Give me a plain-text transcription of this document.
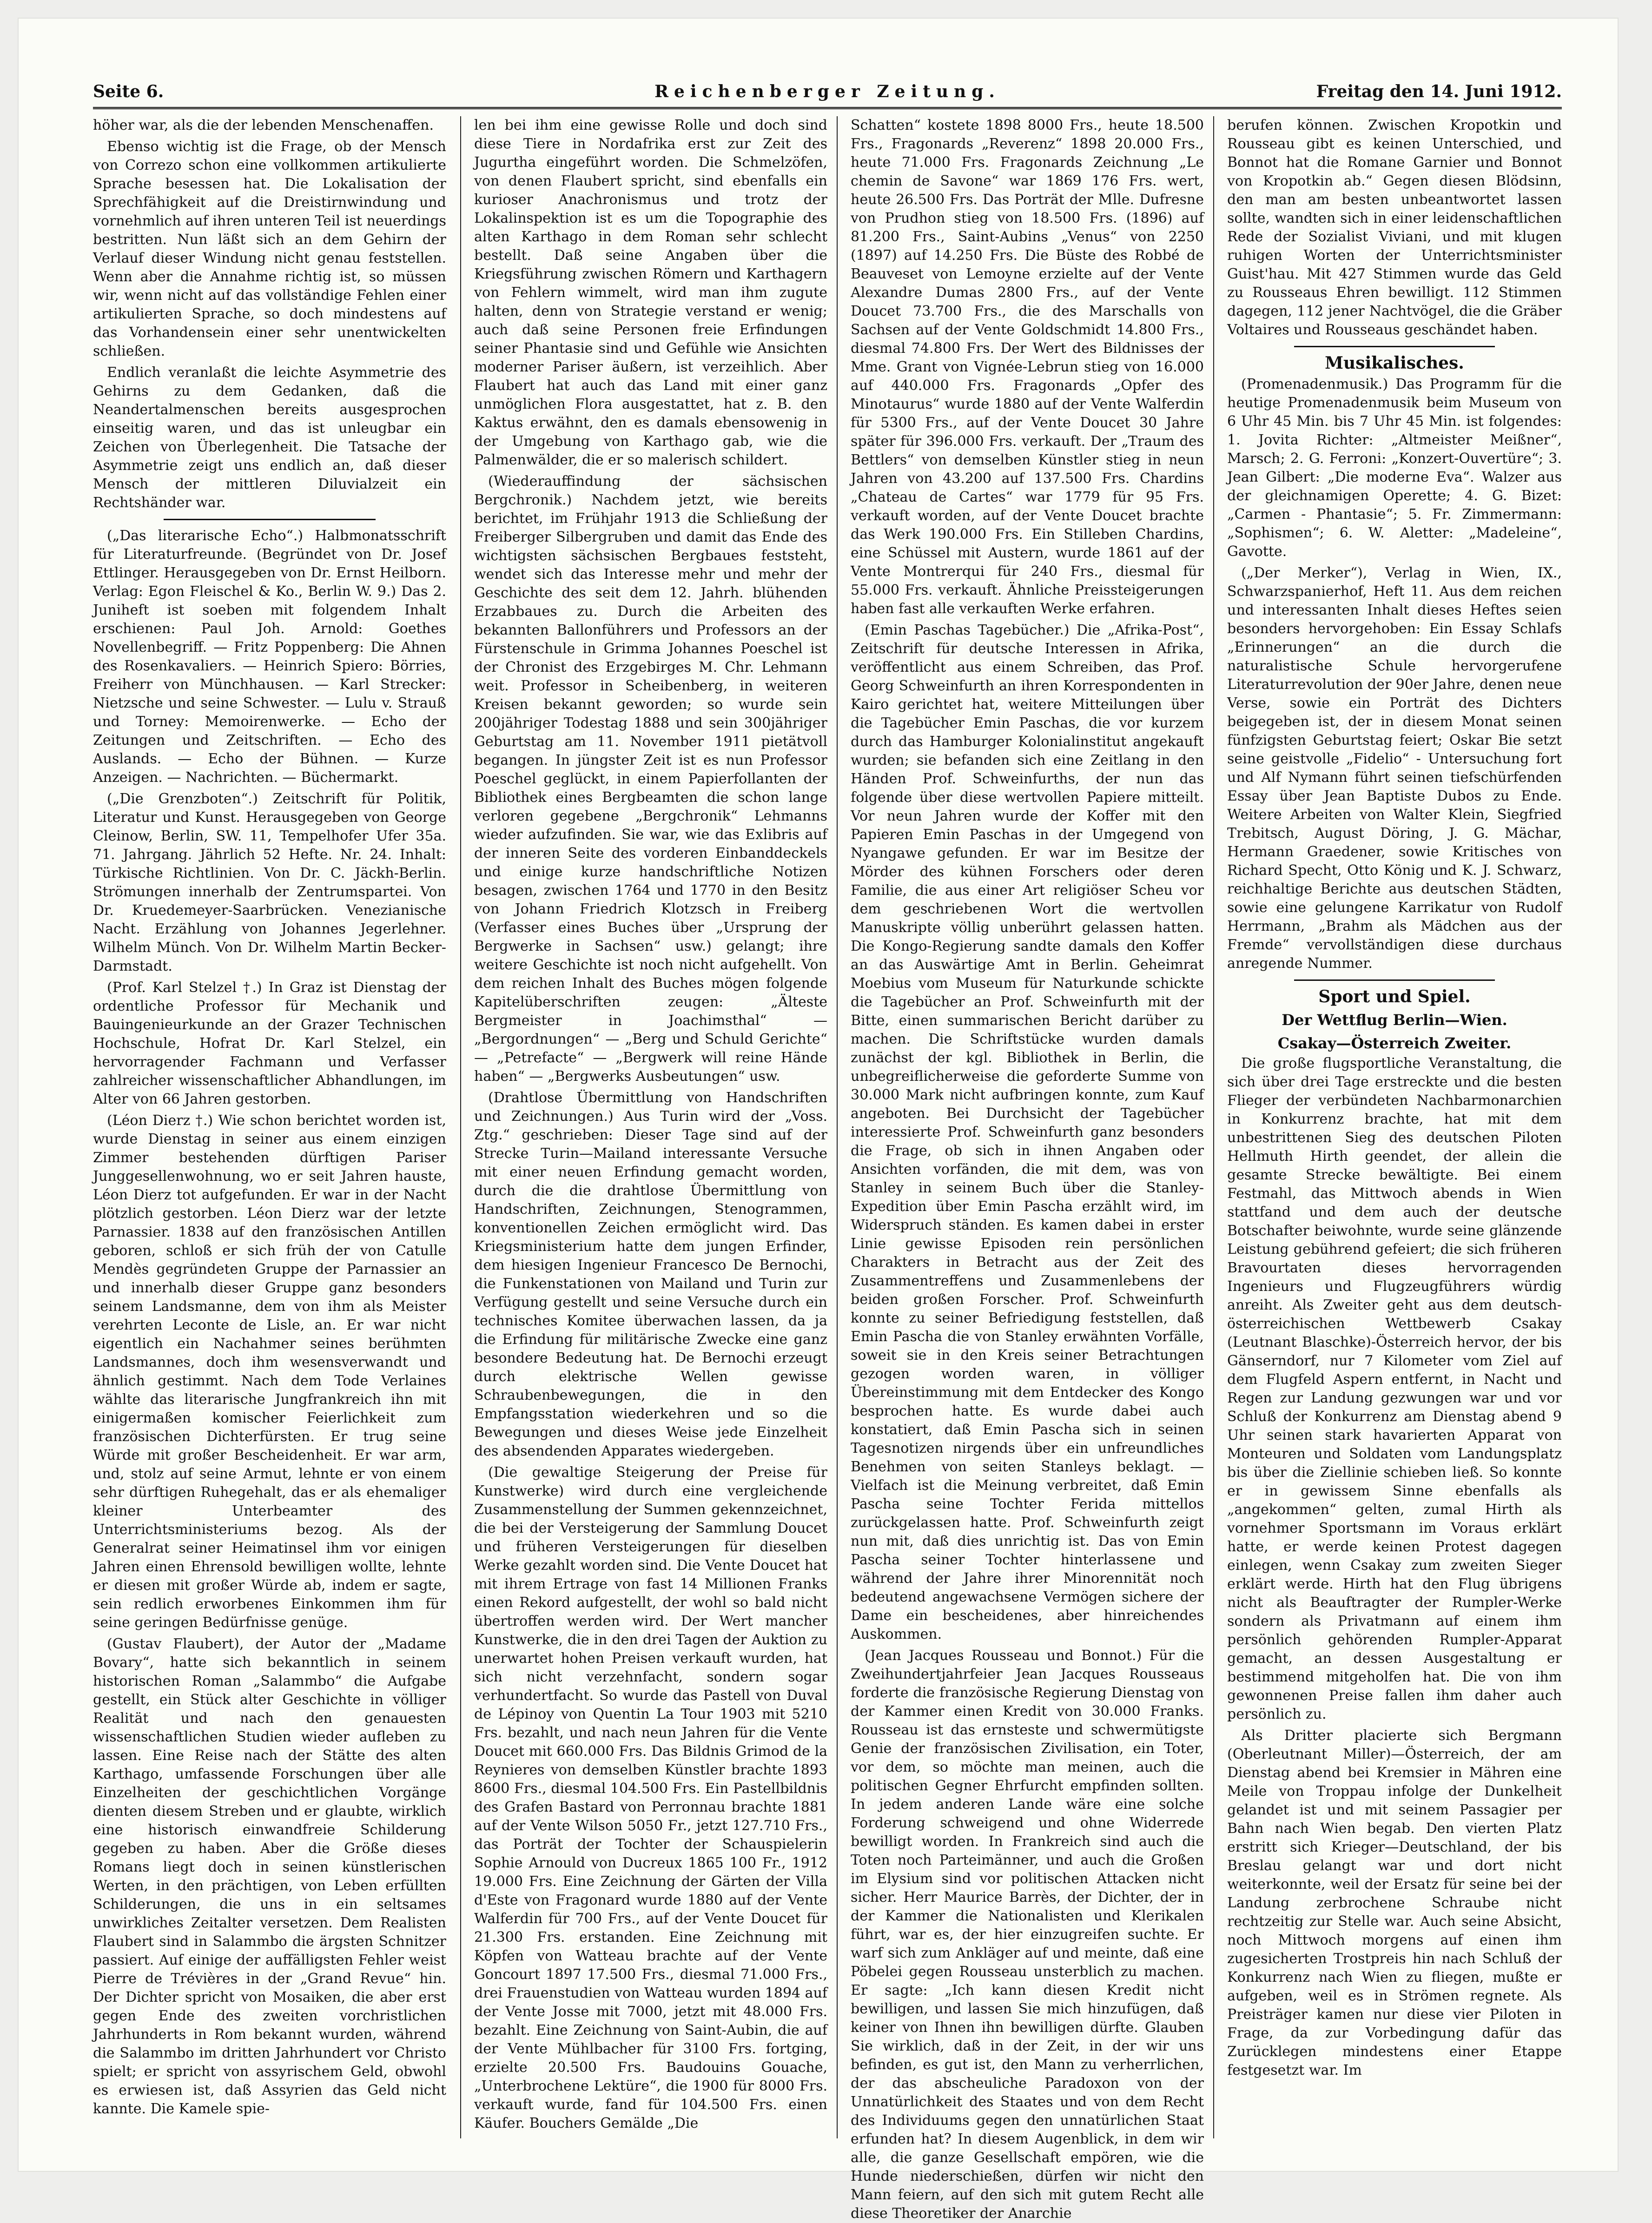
Seite 6.	Reichenberger Zeitung.	Freitag den 14. Juni 1912.

höher war, als die der lebenden Menschenaffen.

Ebenso wichtig ist die Frage, ob der Mensch von Correzo schon eine vollkommen artikulierte Sprache besessen hat. Die Lokalisation der Sprechfähigkeit auf die Dreistirnwindung und vornehmlich auf ihren unteren Teil ist neuerdings bestritten. Nun läßt sich an dem Gehirn der Verlauf dieser Windung nicht genau feststellen. Wenn aber die Annahme richtig ist, so müssen wir, wenn nicht auf das vollständige Fehlen einer artikulierten Sprache, so doch mindestens auf das Vorhandensein einer sehr unentwickelten schließen.

Endlich veranlaßt die leichte Asymmetrie des Gehirns zu dem Gedanken, daß die Neandertalmenschen bereits ausgesprochen einseitig waren, und das ist unleugbar ein Zeichen von Überlegenheit. Die Tatsache der Asymmetrie zeigt uns endlich an, daß dieser Mensch der mittleren Diluvialzeit ein Rechtshänder war.

(„Das literarische Echo“.) Halbmonatsschrift für Literaturfreunde. (Begründet von Dr. Josef Ettlinger. Herausgegeben von Dr. Ernst Heilborn. Verlag: Egon Fleischel & Ko., Berlin W. 9.) Das 2. Juniheft ist soeben mit folgendem Inhalt erschienen: Paul Joh. Arnold: Goethes Novellenbegriff. — Fritz Poppenberg: Die Ahnen des Rosenkavaliers. — Heinrich Spiero: Börries, Freiherr von Münchhausen. — Karl Strecker: Nietzsche und seine Schwester. — Lulu v. Strauß und Torney: Memoirenwerke. — Echo der Zeitungen und Zeitschriften. — Echo des Auslands. — Echo der Bühnen. — Kurze Anzeigen. — Nachrichten. — Büchermarkt.

(„Die Grenzboten“.) Zeitschrift für Politik, Literatur und Kunst. Herausgegeben von George Cleinow, Berlin, SW. 11, Tempelhofer Ufer 35a. 71. Jahrgang. Jährlich 52 Hefte. Nr. 24. Inhalt: Türkische Richtlinien. Von Dr. C. Jäckh-Berlin. Strömungen innerhalb der Zentrumspartei. Von Dr. Kruedemeyer-Saarbrücken. Venezianische Nacht. Erzählung von Johannes Jegerlehner. Wilhelm Münch. Von Dr. Wilhelm Martin Becker-Darmstadt.

(Prof. Karl Stelzel †.) In Graz ist Dienstag der ordentliche Professor für Mechanik und Bauingenieurkunde an der Grazer Technischen Hochschule, Hofrat Dr. Karl Stelzel, ein hervorragender Fachmann und Verfasser zahlreicher wissenschaftlicher Abhandlungen, im Alter von 66 Jahren gestorben.

(Léon Dierz †.) Wie schon berichtet worden ist, wurde Dienstag in seiner aus einem einzigen Zimmer bestehenden dürftigen Pariser Junggesellenwohnung, wo er seit Jahren hauste, Léon Dierz tot aufgefunden. Er war in der Nacht plötzlich gestorben. Léon Dierz war der letzte Parnassier. 1838 auf den französischen Antillen geboren, schloß er sich früh der von Catulle Mendès gegründeten Gruppe der Parnassier an und innerhalb dieser Gruppe ganz besonders seinem Landsmanne, dem von ihm als Meister verehrten Leconte de Lisle, an. Er war nicht eigentlich ein Nachahmer seines berühmten Landsmannes, doch ihm wesensverwandt und ähnlich gestimmt. Nach dem Tode Verlaines wählte das literarische Jungfrankreich ihn mit einigermaßen komischer Feierlichkeit zum französischen Dichterfürsten. Er trug seine Würde mit großer Bescheidenheit. Er war arm, und, stolz auf seine Armut, lehnte er von einem sehr dürftigen Ruhegehalt, das er als ehemaliger kleiner Unterbeamter des Unterrichtsministeriums bezog. Als der Generalrat seiner Heimatinsel ihm vor einigen Jahren einen Ehrensold bewilligen wollte, lehnte er diesen mit großer Würde ab, indem er sagte, sein redlich erworbenes Einkommen ihm für seine geringen Bedürfnisse genüge.

(Gustav Flaubert), der Autor der „Madame Bovary“, hatte sich bekanntlich in seinem historischen Roman „Salammbo“ die Aufgabe gestellt, ein Stück alter Geschichte in völliger Realität und nach den genauesten wissenschaftlichen Studien wieder aufleben zu lassen. Eine Reise nach der Stätte des alten Karthago, umfassende Forschungen über alle Einzelheiten der geschichtlichen Vorgänge dienten diesem Streben und er glaubte, wirklich eine historisch einwandfreie Schilderung gegeben zu haben. Aber die Größe dieses Romans liegt doch in seinen künstlerischen Werten, in den prächtigen, von Leben erfüllten Schilderungen, die uns in ein seltsames unwirkliches Zeitalter versetzen. Dem Realisten Flaubert sind in Salammbo die ärgsten Schnitzer passiert. Auf einige der auffälligsten Fehler weist Pierre de Trévières in der „Grand Revue“ hin. Der Dichter spricht von Mosaiken, die aber erst gegen Ende des zweiten vorchristlichen Jahrhunderts in Rom bekannt wurden, während die Salammbo im dritten Jahrhundert vor Christo spielt; er spricht von assyrischem Geld, obwohl es erwiesen ist, daß Assyrien das Geld nicht kannte. Die Kamele spie-

len bei ihm eine gewisse Rolle und doch sind diese Tiere in Nordafrika erst zur Zeit des Jugurtha eingeführt worden. Die Schmelzöfen, von denen Flaubert spricht, sind ebenfalls ein kurioser Anachronismus und trotz der Lokalinspektion ist es um die Topographie des alten Karthago in dem Roman sehr schlecht bestellt. Daß seine Angaben über die Kriegsführung zwischen Römern und Karthagern von Fehlern wimmelt, wird man ihm zugute halten, denn von Strategie verstand er wenig; auch daß seine Personen freie Erfindungen seiner Phantasie sind und Gefühle wie Ansichten moderner Pariser äußern, ist verzeihlich. Aber Flaubert hat auch das Land mit einer ganz unmöglichen Flora ausgestattet, hat z. B. den Kaktus erwähnt, den es damals ebensowenig in der Umgebung von Karthago gab, wie die Palmenwälder, die er so malerisch schildert.

(Wiederauffindung der sächsischen Bergchronik.) Nachdem jetzt, wie bereits berichtet, im Frühjahr 1913 die Schließung der Freiberger Silbergruben und damit das Ende des wichtigsten sächsischen Bergbaues feststeht, wendet sich das Interesse mehr und mehr der Geschichte des seit dem 12. Jahrh. blühenden Erzabbaues zu. Durch die Arbeiten des bekannten Ballonführers und Professors an der Fürstenschule in Grimma Johannes Poeschel ist der Chronist des Erzgebirges M. Chr. Lehmann weit. Professor in Scheibenberg, in weiteren Kreisen bekannt geworden; so wurde sein 200jähriger Todestag 1888 und sein 300jähriger Geburtstag am 11. November 1911 pietätvoll begangen. In jüngster Zeit ist es nun Professor Poeschel geglückt, in einem Papierfollanten der Bibliothek eines Bergbeamten die schon lange verloren gegebene „Bergchronik“ Lehmanns wieder aufzufinden. Sie war, wie das Exlibris auf der inneren Seite des vorderen Einbanddeckels und einige kurze handschriftliche Notizen besagen, zwischen 1764 und 1770 in den Besitz von Johann Friedrich Klotzsch in Freiberg (Verfasser eines Buches über „Ursprung der Bergwerke in Sachsen“ usw.) gelangt; ihre weitere Geschichte ist noch nicht aufgehellt. Von dem reichen Inhalt des Buches mögen folgende Kapitelüberschriften zeugen: „Älteste Bergmeister in Joachimsthal“ — „Bergordnungen“ — „Berg und Schuld Gerichte“ — „Petrefacte“ — „Bergwerk will reine Hände haben“ — „Bergwerks Ausbeutungen“ usw.

(Drahtlose Übermittlung von Handschriften und Zeichnungen.) Aus Turin wird der „Voss. Ztg.“ geschrieben: Dieser Tage sind auf der Strecke Turin—Mailand interessante Versuche mit einer neuen Erfindung gemacht worden, durch die die drahtlose Übermittlung von Handschriften, Zeichnungen, Stenogrammen, konventionellen Zeichen ermöglicht wird. Das Kriegsministerium hatte dem jungen Erfinder, dem hiesigen Ingenieur Francesco De Bernochi, die Funkenstationen von Mailand und Turin zur Verfügung gestellt und seine Versuche durch ein technisches Komitee überwachen lassen, da ja die Erfindung für militärische Zwecke eine ganz besondere Bedeutung hat. De Bernochi erzeugt durch elektrische Wellen gewisse Schraubenbewegungen, die in den Empfangsstation wiederkehren und so die Bewegungen und dieses Weise jede Einzelheit des absendenden Apparates wiedergeben.

(Die gewaltige Steigerung der Preise für Kunstwerke) wird durch eine vergleichende Zusammenstellung der Summen gekennzeichnet, die bei der Versteigerung der Sammlung Doucet und früheren Versteigerungen für dieselben Werke gezahlt worden sind. Die Vente Doucet hat mit ihrem Ertrage von fast 14 Millionen Franks einen Rekord aufgestellt, der wohl so bald nicht übertroffen werden wird. Der Wert mancher Kunstwerke, die in den drei Tagen der Auktion zu unerwartet hohen Preisen verkauft wurden, hat sich nicht verzehnfacht, sondern sogar verhundertfacht. So wurde das Pastell von Duval de Lépinoy von Quentin La Tour 1903 mit 5210 Frs. bezahlt, und nach neun Jahren für die Vente Doucet mit 660.000 Frs. Das Bildnis Grimod de la Reynieres von demselben Künstler brachte 1893 8600 Frs., diesmal 104.500 Frs. Ein Pastellbildnis des Grafen Bastard von Perronnau brachte 1881 auf der Vente Wilson 5050 Fr., jetzt 127.710 Frs., das Porträt der Tochter der Schauspielerin Sophie Arnould von Ducreux 1865 100 Fr., 1912 19.000 Frs. Eine Zeichnung der Gärten der Villa d'Este von Fragonard wurde 1880 auf der Vente Walferdin für 700 Frs., auf der Vente Doucet für 21.300 Frs. erstanden. Eine Zeichnung mit Köpfen von Watteau brachte auf der Vente Goncourt 1897 17.500 Frs., diesmal 71.000 Frs., drei Frauenstudien von Watteau wurden 1894 auf der Vente Josse mit 7000, jetzt mit 48.000 Frs. bezahlt. Eine Zeichnung von Saint-Aubin, die auf der Vente Mühlbacher für 3100 Frs. fortging, erzielte 20.500 Frs. Baudouins Gouache, „Unterbrochene Lektüre“, die 1900 für 8000 Frs. verkauft wurde, fand für 104.500 Frs. einen Käufer. Bouchers Gemälde „Die

Schatten“ kostete 1898 8000 Frs., heute 18.500 Frs., Fragonards „Reverenz“ 1898 20.000 Frs., heute 71.000 Frs. Fragonards Zeichnung „Le chemin de Savone“ war 1869 176 Frs. wert, heute 26.500 Frs. Das Porträt der Mlle. Dufresne von Prudhon stieg von 18.500 Frs. (1896) auf 81.200 Frs., Saint-Aubins „Venus“ von 2250 (1897) auf 14.250 Frs. Die Büste des Robbé de Beauveset von Lemoyne erzielte auf der Vente Alexandre Dumas 2800 Frs., auf der Vente Doucet 73.700 Frs., die des Marschalls von Sachsen auf der Vente Goldschmidt 14.800 Frs., diesmal 74.800 Frs. Der Wert des Bildnisses der Mme. Grant von Vignée-Lebrun stieg von 16.000 auf 440.000 Frs. Fragonards „Opfer des Minotaurus“ wurde 1880 auf der Vente Walferdin für 5300 Frs., auf der Vente Doucet 30 Jahre später für 396.000 Frs. verkauft. Der „Traum des Bettlers“ von demselben Künstler stieg in neun Jahren von 43.200 auf 137.500 Frs. Chardins „Chateau de Cartes“ war 1779 für 95 Frs. verkauft worden, auf der Vente Doucet brachte das Werk 190.000 Frs. Ein Stilleben Chardins, eine Schüssel mit Austern, wurde 1861 auf der Vente Montrerqui für 240 Frs., diesmal für 55.000 Frs. verkauft. Ähnliche Preissteigerungen haben fast alle verkauften Werke erfahren.

(Emin Paschas Tagebücher.) Die „Afrika-Post“, Zeitschrift für deutsche Interessen in Afrika, veröffentlicht aus einem Schreiben, das Prof. Georg Schweinfurth an ihren Korrespondenten in Kairo gerichtet hat, weitere Mitteilungen über die Tagebücher Emin Paschas, die vor kurzem durch das Hamburger Kolonialinstitut angekauft wurden; sie befanden sich eine Zeitlang in den Händen Prof. Schweinfurths, der nun das folgende über diese wertvollen Papiere mitteilt. Vor neun Jahren wurde der Koffer mit den Papieren Emin Paschas in der Umgegend von Nyangawe gefunden. Er war im Besitze der Mörder des kühnen Forschers oder deren Familie, die aus einer Art religiöser Scheu vor dem geschriebenen Wort die wertvollen Manuskripte völlig unberührt gelassen hatten. Die Kongo-Regierung sandte damals den Koffer an das Auswärtige Amt in Berlin. Geheimrat Moebius vom Museum für Naturkunde schickte die Tagebücher an Prof. Schweinfurth mit der Bitte, einen summarischen Bericht darüber zu machen. Die Schriftstücke wurden damals zunächst der kgl. Bibliothek in Berlin, die unbegreiflicherweise die geforderte Summe von 30.000 Mark nicht aufbringen konnte, zum Kauf angeboten. Bei Durchsicht der Tagebücher interessierte Prof. Schweinfurth ganz besonders die Frage, ob sich in ihnen Angaben oder Ansichten vorfänden, die mit dem, was von Stanley in seinem Buch über die Stanley-Expedition über Emin Pascha erzählt wird, im Widerspruch ständen. Es kamen dabei in erster Linie gewisse Episoden rein persönlichen Charakters in Betracht aus der Zeit des Zusammentreffens und Zusammenlebens der beiden großen Forscher. Prof. Schweinfurth konnte zu seiner Befriedigung feststellen, daß Emin Pascha die von Stanley erwähnten Vorfälle, soweit sie in den Kreis seiner Betrachtungen gezogen worden waren, in völliger Übereinstimmung mit dem Entdecker des Kongo besprochen hatte. Es wurde dabei auch konstatiert, daß Emin Pascha sich in seinen Tagesnotizen nirgends über ein unfreundliches Benehmen von seiten Stanleys beklagt. — Vielfach ist die Meinung verbreitet, daß Emin Pascha seine Tochter Ferida mittellos zurückgelassen hatte. Prof. Schweinfurth zeigt nun mit, daß dies unrichtig ist. Das von Emin Pascha seiner Tochter hinterlassene und während der Jahre ihrer Minorennität noch bedeutend angewachsene Vermögen sichere der Dame ein bescheidenes, aber hinreichendes Auskommen.

(Jean Jacques Rousseau und Bonnot.) Für die Zweihundertjahrfeier Jean Jacques Rousseaus forderte die französische Regierung Dienstag von der Kammer einen Kredit von 30.000 Franks. Rousseau ist das ernsteste und schwermütigste Genie der französischen Zivilisation, ein Toter, vor dem, so möchte man meinen, auch die politischen Gegner Ehrfurcht empfinden sollten. In jedem anderen Lande wäre eine solche Forderung schweigend und ohne Widerrede bewilligt worden. In Frankreich sind auch die Toten noch Parteimänner, und auch die Großen im Elysium sind vor politischen Attacken nicht sicher. Herr Maurice Barrès, der Dichter, der in der Kammer die Nationalisten und Klerikalen führt, war es, der hier einzugreifen suchte. Er warf sich zum Ankläger auf und meinte, daß eine Pöbelei gegen Rousseau unsterblich zu machen. Er sagte: „Ich kann diesen Kredit nicht bewilligen, und lassen Sie mich hinzufügen, daß keiner von Ihnen ihn bewilligen dürfte. Glauben Sie wirklich, daß in der Zeit, in der wir uns befinden, es gut ist, den Mann zu verherrlichen, der das abscheuliche Paradoxon von der Unnatürlichkeit des Staates und von dem Recht des Individuums gegen den unnatürlichen Staat erfunden hat? In diesem Augenblick, in dem wir alle, die ganze Gesellschaft empören, wie die Hunde niederschießen, dürfen wir nicht den Mann feiern, auf den sich mit gutem Recht alle diese Theoretiker der Anarchie

berufen können. Zwischen Kropotkin und Rousseau gibt es keinen Unterschied, und Bonnot hat die Romane Garnier und Bonnot von Kropotkin ab.“ Gegen diesen Blödsinn, den man am besten unbeantwortet lassen sollte, wandten sich in einer leidenschaftlichen Rede der Sozialist Viviani, und mit klugen ruhigen Worten der Unterrichtsminister Guist'hau. Mit 427 Stimmen wurde das Geld zu Rousseaus Ehren bewilligt. 112 Stimmen dagegen, 112 jener Nachtvögel, die die Gräber Voltaires und Rousseaus geschändet haben.

Musikalisches.

(Promenadenmusik.) Das Programm für die heutige Promenadenmusik beim Museum von 6 Uhr 45 Min. bis 7 Uhr 45 Min. ist folgendes: 1. Jovita Richter: „Altmeister Meißner“, Marsch; 2. G. Ferroni: „Konzert-Ouvertüre“; 3. Jean Gilbert: „Die moderne Eva“. Walzer aus der gleichnamigen Operette; 4. G. Bizet: „Carmen - Phantasie“; 5. Fr. Zimmermann: „Sophismen“; 6. W. Aletter: „Madeleine“, Gavotte.

(„Der Merker“), Verlag in Wien, IX., Schwarzspanierhof, Heft 11. Aus dem reichen und interessanten Inhalt dieses Heftes seien besonders hervorgehoben: Ein Essay Schlafs „Erinnerungen“ an die durch die naturalistische Schule hervorgerufene Literaturrevolution der 90er Jahre, denen neue Verse, sowie ein Porträt des Dichters beigegeben ist, der in diesem Monat seinen fünfzigsten Geburtstag feiert; Oskar Bie setzt seine geistvolle „Fidelio“ - Untersuchung fort und Alf Nymann führt seinen tiefschürfenden Essay über Jean Baptiste Dubos zu Ende. Weitere Arbeiten von Walter Klein, Siegfried Trebitsch, August Döring, J. G. Mächar, Hermann Graedener, sowie Kritisches von Richard Specht, Otto König und K. J. Schwarz, reichhaltige Berichte aus deutschen Städten, sowie eine gelungene Karrikatur von Rudolf Herrmann, „Brahm als Mädchen aus der Fremde“ vervollständigen diese durchaus anregende Nummer.

Sport und Spiel.
Der Wettflug Berlin—Wien.
Csakay—Österreich Zweiter.

Die große flugsportliche Veranstaltung, die sich über drei Tage erstreckte und die besten Flieger der verbündeten Nachbarmonarchien in Konkurrenz brachte, hat mit dem unbestrittenen Sieg des deutschen Piloten Hellmuth Hirth geendet, der allein die gesamte Strecke bewältigte. Bei einem Festmahl, das Mittwoch abends in Wien stattfand und dem auch der deutsche Botschafter beiwohnte, wurde seine glänzende Leistung gebührend gefeiert; die sich früheren Bravourtaten dieses hervorragenden Ingenieurs und Flugzeugführers würdig anreiht. Als Zweiter geht aus dem deutsch-österreichischen Wettbewerb Csakay (Leutnant Blaschke)-Österreich hervor, der bis Gänserndorf, nur 7 Kilometer vom Ziel auf dem Flugfeld Aspern entfernt, in Nacht und Regen zur Landung gezwungen war und vor Schluß der Konkurrenz am Dienstag abend 9 Uhr seinen stark havarierten Apparat von Monteuren und Soldaten vom Landungsplatz bis über die Ziellinie schieben ließ. So konnte er in gewissem Sinne ebenfalls als „angekommen“ gelten, zumal Hirth als vornehmer Sportsmann im Voraus erklärt hatte, er werde keinen Protest dagegen einlegen, wenn Csakay zum zweiten Sieger erklärt werde. Hirth hat den Flug übrigens nicht als Beauftragter der Rumpler-Werke sondern als Privatmann auf einem ihm persönlich gehörenden Rumpler-Apparat gemacht, an dessen Ausgestaltung er bestimmend mitgeholfen hat. Die von ihm gewonnenen Preise fallen ihm daher auch persönlich zu.

Als Dritter placierte sich Bergmann (Oberleutnant Miller)—Österreich, der am Dienstag abend bei Kremsier in Mähren eine Meile von Troppau infolge der Dunkelheit gelandet ist und mit seinem Passagier per Bahn nach Wien begab. Den vierten Platz erstritt sich Krieger—Deutschland, der bis Breslau gelangt war und dort nicht weiterkonnte, weil der Ersatz für seine bei der Landung zerbrochene Schraube nicht rechtzeitig zur Stelle war. Auch seine Absicht, noch Mittwoch morgens auf einen ihm zugesicherten Trostpreis hin nach Schluß der Konkurrenz nach Wien zu fliegen, mußte er aufgeben, weil es in Strömen regnete. Als Preisträger kamen nur diese vier Piloten in Frage, da zur Vorbedingung dafür das Zurücklegen mindestens einer Etappe festgesetzt war. Im
